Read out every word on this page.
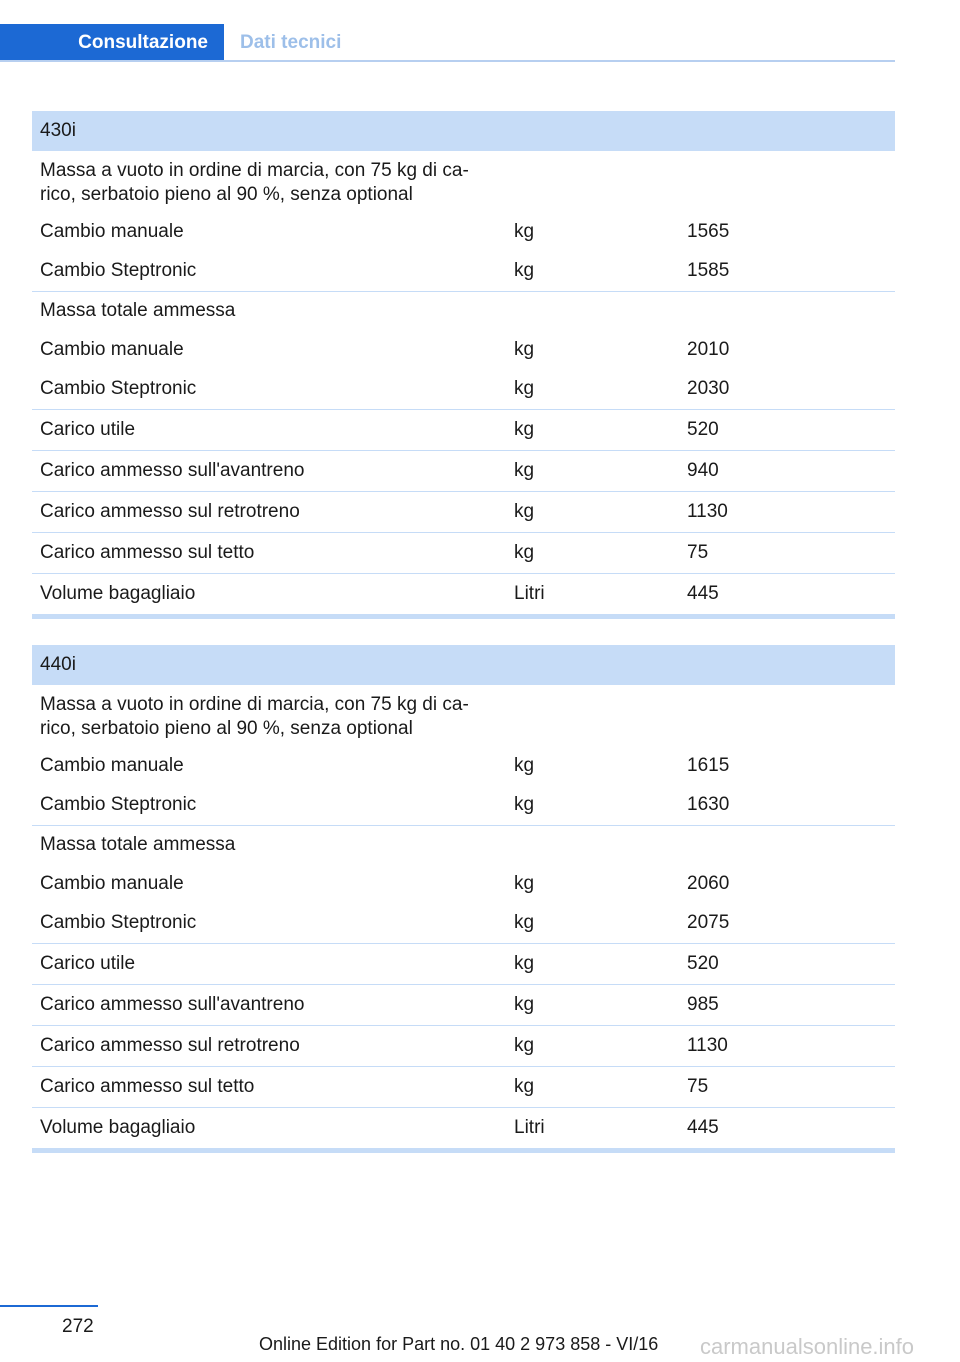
Consultazione	Dati tecnici
430i
Massa a vuoto in ordine di marcia, con 75 kg di ca-
rico, serbatoio pieno al 90 %, senza optional
Cambio manuale	kg	1565
Cambio Steptronic	kg	1585
Massa totale ammessa
Cambio manuale	kg	2010
Cambio Steptronic	kg	2030
Carico utile	kg	520
Carico ammesso sull'avantreno	kg	940
Carico ammesso sul retrotreno	kg	1130
Carico ammesso sul tetto	kg	75
Volume bagagliaio	Litri	445
440i
Massa a vuoto in ordine di marcia, con 75 kg di ca-
rico, serbatoio pieno al 90 %, senza optional
Cambio manuale	kg	1615
Cambio Steptronic	kg	1630
Massa totale ammessa
Cambio manuale	kg	2060
Cambio Steptronic	kg	2075
Carico utile	kg	520
Carico ammesso sull'avantreno	kg	985
Carico ammesso sul retrotreno	kg	1130
Carico ammesso sul tetto	kg	75
Volume bagagliaio	Litri	445
272
Online Edition for Part no. 01 40 2 973 858 - VI/16 carmanualsonline.info
